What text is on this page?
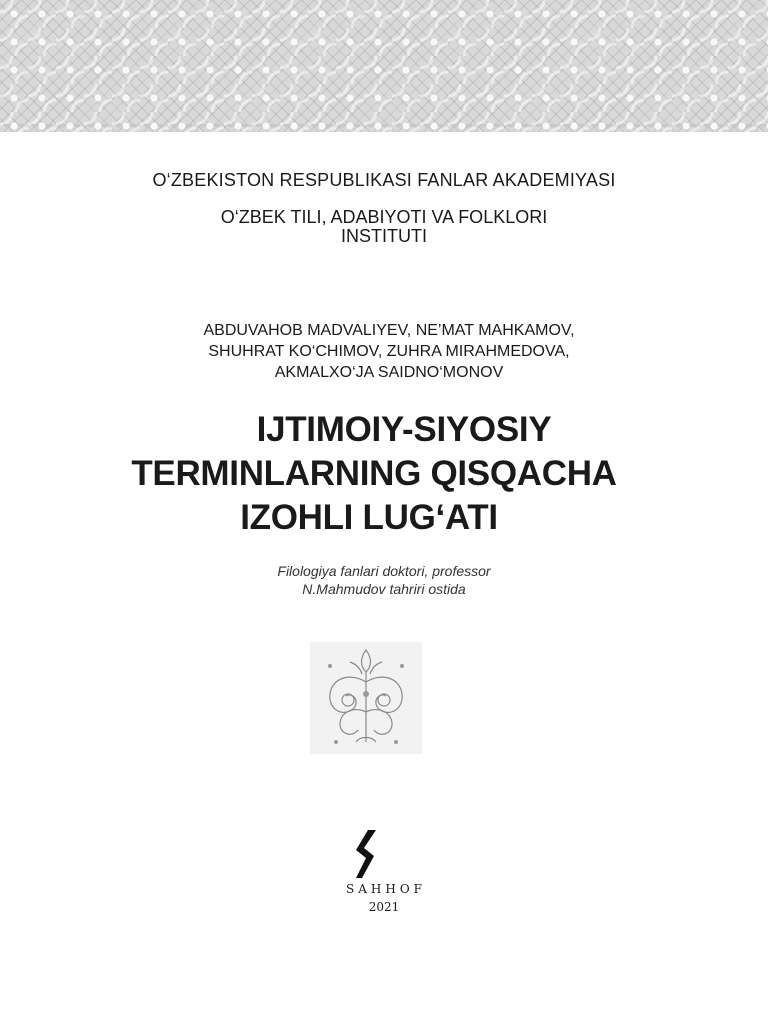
O‘ZBEKISTON RESPUBLIKASI FANLAR AKADEMIYASI
O‘ZBEK TILI, ADABIYOTI VA FOLKLORI
INSTITUTI
ABDUVAHOB MADVALIYEV, NE’MAT MAHKAMOV,
SHUHRAT KO‘CHIMOV, ZUHRA MIRAHMEDOVA,
AKMALXO‘JA SAIDNO‘MONOV
IJTIMOIY-SIYOSIY
TERMINLARNING QISQACHA
IZOHLI LUG‘ATI
Filologiya fanlari doktori, professor
N.Mahmudov tahriri ostida
SAHHOF
2021
